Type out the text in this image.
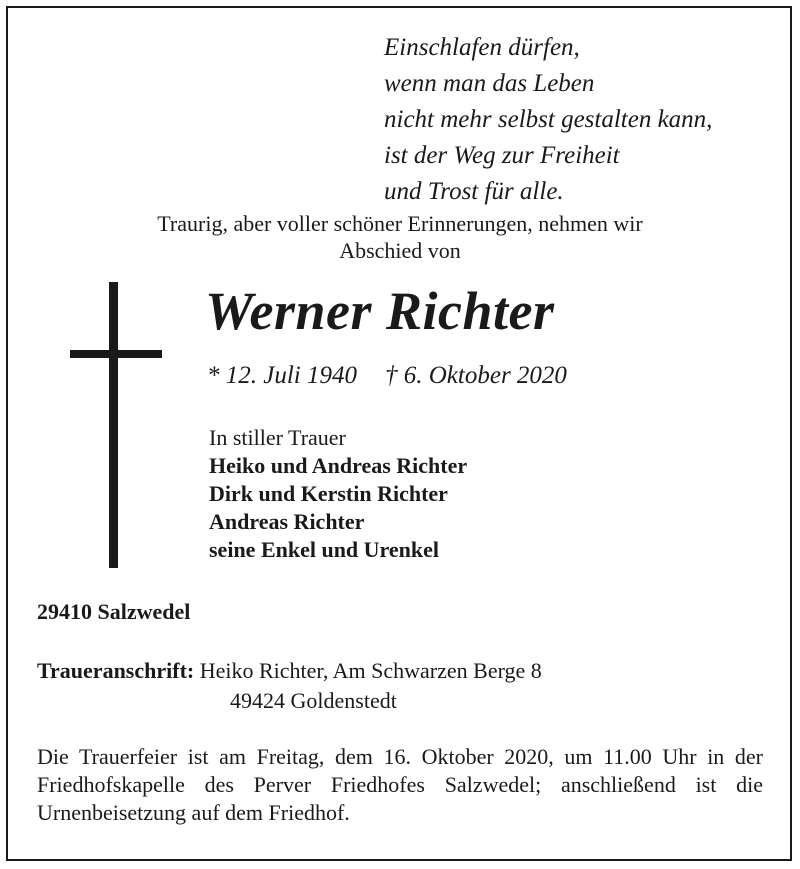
Einschlafen dürfen,
wenn man das Leben
nicht mehr selbst gestalten kann,
ist der Weg zur Freiheit
und Trost für alle.
Traurig, aber voller schöner Erinnerungen, nehmen wir
Abschied von
Werner Richter
* 12. Juli 1940 † 6. Oktober 2020
In stiller Trauer
Heiko und Andreas Richter
Dirk und Kerstin Richter
Andreas Richter
seine Enkel und Urenkel
29410 Salzwedel
Traueranschrift: Heiko Richter, Am Schwarzen Berge 8
49424 Goldenstedt
Die Trauerfeier ist am Freitag, dem 16. Oktober 2020, um 11.00 Uhr in der Friedhofskapelle des Perver Friedhofes Salzwedel; anschließend ist die Urnenbeisetzung auf dem Friedhof.
